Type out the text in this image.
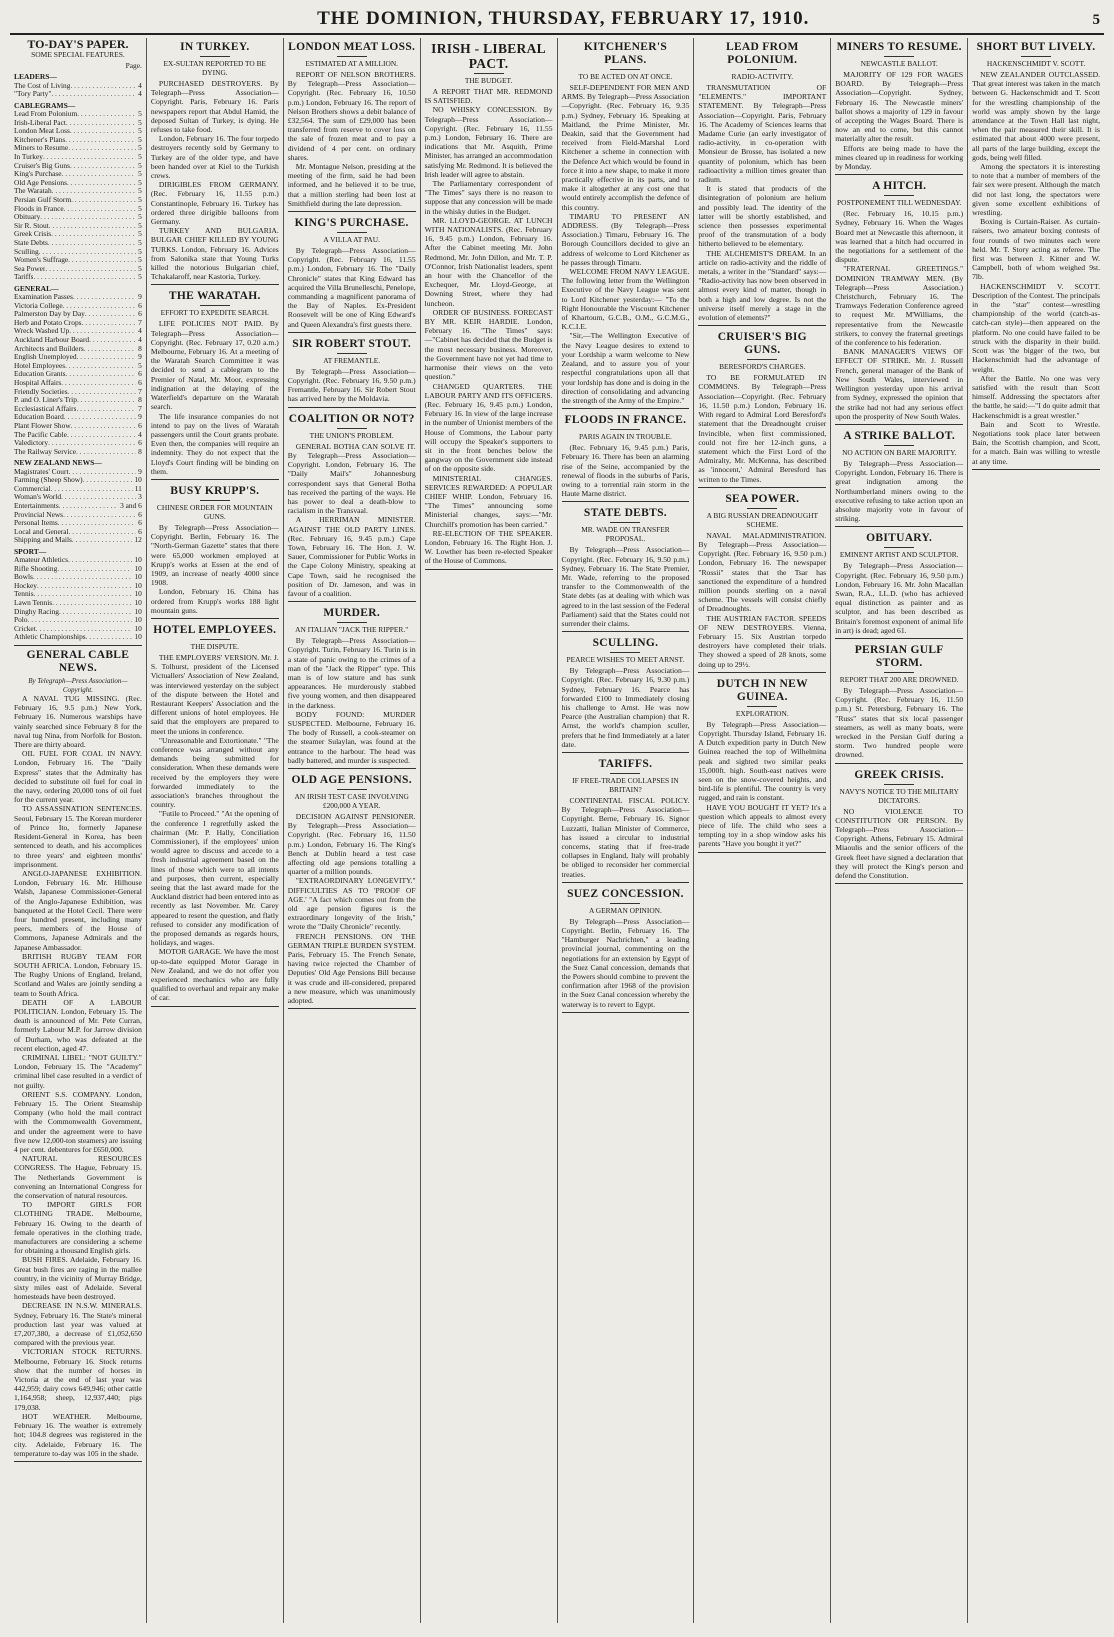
THE DOMINION, THURSDAY, FEBRUARY 17, 1910.	5
TO-DAY'S PAPER.
SOME SPECIAL FEATURES.
Page.
LEADERS—
The Cost of Living . . .	4
"Tory Party" . . .	4
CABLEGRAMS—
Lead From Polonium . . .	5
Irish-Liberal Pact . . .	5
London Meat Loss . . .	5
Kitchener's Plans . . .	5
Miners to Resume . . .	5
In Turkey . . .	5
Cruiser's Big Guns . . .	5
King's Purchase . . .	5
Old Age Pensions . . .	5
The Waratah . . .	5
Persian Gulf Storm . . .	5
Floods in France . . .	5
Obituary . . .	5
Sir R. Stout . . .	5
Greek Crisis . . .	5
State Debts . . .	5
Sculling . . .	5
Women's Suffrage . . .	5
Sea Power . . .	5
Tariffs . . .	5
GENERAL—
Examination Passes . . .	9
Victoria College . . .	6
Palmerston Day by Day . . .	6
Herb and Potato Crops . . .	7
Wreck Washed Up . . .	4
Auckland Harbour Board . . .	4
Architects and Builders . . .	8
English Unemployed . . .	9
Hotel Employees . . .	5
Education Grants . . .	6
Hospital Affairs . . .	6
Friendly Societies . . .	7
P. and O. Liner's Trip . . .	8
Ecclesiastical Affairs . . .	7
Education Board . . .	9
Plant Flower Show . . .	6
The Pacific Cable . . .	4
Valedictory . . .	6
The Railway Service . . .	8
NEW ZEALAND NEWS—
Magistrates' Court . . .	9
Farming (Sheep Show) . . .	10
Commercial . . .	11
Woman's World . . .	3
Entertainments . . .	3 and 6
Provincial News . . .	6
Personal Items . . .	6
Local and General . . .	6
Shipping and Mails . . .	12
SPORT—
Amateur Athletics . . .	10
Rifle Shooting . . .	10
Bowls . . .	10
Hockey . . .	10
Tennis . . .	10
Lawn Tennis . . .	10
Dinghy Racing . . .	10
Polo . . .	10
Cricket . . .	10
Athletic Championships . . .	10
GENERAL CABLE NEWS.
By Telegraph—Press Association—Copyright.

A NAVAL TUG MISSING. (Rec. February 16, 9.5 p.m.) New York, February 16. Numerous warships have vainly searched since February 8 for the naval tug Nina, from Norfolk for Boston. There are thirty aboard.

OIL FUEL FOR COAL IN NAVY. London, February 16. The "Daily Express" states that the Admiralty has decided to substitute oil fuel for coal in the navy, ordering 20,000 tons of oil fuel for the current year.

TO ASSASSINATION SENTENCES. Seoul, February 15. The Korean murderer of Prince Ito, formerly Japanese Resident-General in Korea, has been sentenced to death, and his accomplices to three years' and eighteen months' imprisonment.

ANGLO-JAPANESE EXHIBITION. London, February 16. Mr. Hilhouse Walsh, Japanese Commissioner-General of the Anglo-Japanese Exhibition, was banqueted at the Hotel Cecil. There were four hundred present, including many peers, members of the House of Commons, Japanese Admirals and the Japanese Ambassador.

BRITISH RUGBY TEAM FOR SOUTH AFRICA. London, February 15. The Rugby Unions of England, Ireland, Scotland and Wales are jointly sending a team to South Africa.

DEATH OF A LABOUR POLITICIAN. London, February 15. The death is announced of Mr. Pete Curran, formerly Labour M.P. for Jarrow division of Durham, who was defeated at the recent election, aged 47.

CRIMINAL LIBEL: "NOT GUILTY." London, February 15. The "Academy" criminal libel case resulted in a verdict of not guilty.

ORIENT S.S. COMPANY. London, February 15. The Orient Steamship Company (who hold the mail contract with the Commonwealth Government, and under the agreement were to have five new 12,000-ton steamers) are issuing 4 per cent. debentures for £650,000.

NATURAL RESOURCES CONGRESS. The Hague, February 15. The Netherlands Government is convening an International Congress for the conservation of natural resources.

TO IMPORT GIRLS FOR CLOTHING TRADE. Melbourne, February 16. Owing to the dearth of female operatives in the clothing trade, manufacturers are considering a scheme for obtaining a thousand English girls.

BUSH FIRES. Adelaide, February 16. Great bush fires are raging in the mallee country, in the vicinity of Murray Bridge, sixty miles east of Adelaide. Several homesteads have been destroyed.

DECREASE IN N.S.W. MINERALS. Sydney, February 16. The State's mineral production last year was valued at £7,207,380, a decrease of £1,052,650 compared with the previous year.

VICTORIAN STOCK RETURNS. Melbourne, February 16. Stock returns show that the number of horses in Victoria at the end of last year was 442,959; dairy cows 649,946; other cattle 1,164,958; sheep, 12,937,440; pigs 179,038.

HOT WEATHER. Melbourne, February 16. The weather is extremely hot; 104.8 degrees was registered in the city. Adelaide, February 16. The temperature to-day was 105 in the shade.

IN TURKEY.
EX-SULTAN REPORTED TO BE DYING.

PURCHASED DESTROYERS. By Telegraph—Press Association—Copyright. Paris, February 16. Paris newspapers report that Abdul Hamid, the deposed Sultan of Turkey, is dying. He refuses to take food.

London, February 16. The four torpedo destroyers recently sold by Germany to Turkey are of the older type, and have been handed over at Kiel to the Turkish crews.

DIRIGIBLES FROM GERMANY. (Rec. February 16, 11.55 p.m.) Constantinople, February 16. Turkey has ordered three dirigible balloons from Germany.

TURKEY AND BULGARIA. BULGAR CHIEF KILLED BY YOUNG TURKS. London, February 16. Advices from Salonika state that Young Turks killed the notorious Bulgarian chief, Tchakalaroff, near Kastoria, Turkey.

THE WARATAH.
EFFORT TO EXPEDITE SEARCH.

LIFE POLICIES NOT PAID. By Telegraph—Press Association—Copyright. (Rec. February 17, 0.20 a.m.) Melbourne, February 16. At a meeting of the Waratah Search Committee it was decided to send a cablegram to the Premier of Natal, Mr. Moor, expressing indignation at the delaying of the Waterfield's departure on the Waratah search.

The life insurance companies do not intend to pay on the lives of Waratah passengers until the Court grants probate. Even then, the companies will require an indemnity. They do not expect that the Lloyd's Court finding will be binding on them.

BUSY KRUPP'S.
CHINESE ORDER FOR MOUNTAIN GUNS.

By Telegraph—Press Association—Copyright. Berlin, February 16. The "North-German Gazette" states that there were 65,000 workmen employed at Krupp's works at Essen at the end of 1909, an increase of nearly 4000 since 1908.

London, February 16. China has ordered from Krupp's works 188 light mountain guns.

HOTEL EMPLOYEES.
THE DISPUTE.

THE EMPLOYERS' VERSION. Mr. J. S. Tolhurst, president of the Licensed Victuallers' Association of New Zealand, was interviewed yesterday on the subject of the dispute between the Hotel and Restaurant Keepers' Association and the different unions of hotel employees. He said that the employers are prepared to meet the unions in conference.

"Unreasonable and Extortionate." "The conference was arranged without any demands being submitted for consideration. When these demands were received by the employers they were forwarded immediately to the association's branches throughout the country.

"Futile to Proceed." "At the opening of the conference I regretfully asked the chairman (Mr. P. Hally, Conciliation Commissioner), if the employees' union would agree to discuss and accede to a fresh industrial agreement based on the lines of those which were to all intents and purposes, then current, especially seeing that the last award made for the Auckland district had been entered into as recently as last November. Mr. Carey appeared to resent the question, and flatly refused to consider any modification of the proposed demands as regards hours, holidays, and wages.

MOTOR GARAGE. We have the most up-to-date equipped Motor Garage in New Zealand, and we do not offer you experienced mechanics who are fully qualified to overhaul and repair any make of car.

LONDON MEAT LOSS.
ESTIMATED AT A MILLION.

REPORT OF NELSON BROTHERS. By Telegraph—Press Association—Copyright. (Rec. February 16, 10.50 p.m.) London, February 16. The report of Nelson Brothers shows a debit balance of £32,564. The sum of £29,000 has been transferred from reserve to cover loss on the sale of frozen meat and to pay a dividend of 4 per cent. on ordinary shares.

Mr. Montague Nelson, presiding at the meeting of the firm, said he had been informed, and he believed it to be true, that a million sterling had been lost at Smithfield during the late depression.

KING'S PURCHASE.
A VILLA AT PAU.

By Telegraph—Press Association—Copyright. (Rec. February 16, 11.55 p.m.) London, February 16. The "Daily Chronicle" states that King Edward has acquired the Villa Brunelleschi, Penelope, commanding a magnificent panorama of the Bay of Naples. Ex-President Roosevelt will be one of King Edward's and Queen Alexandra's first guests there.

SIR ROBERT STOUT.
AT FREMANTLE.

By Telegraph—Press Association—Copyright. (Rec. February 16, 9.50 p.m.) Fremantle, February 16. Sir Robert Stout has arrived here by the Moldavia.

COALITION OR NOT?
THE UNION'S PROBLEM.

GENERAL BOTHA CAN SOLVE IT. By Telegraph—Press Association—Copyright. London, February 16. The "Daily Mail's" Johannesburg correspondent says that General Botha has received the parting of the ways. He has power to deal a death-blow to racialism in the Transvaal.

A HERRIMAN MINISTER. AGAINST THE OLD PARTY LINES. (Rec. February 16, 9.45 p.m.) Cape Town, February 16. The Hon. J. W. Sauer, Commissioner for Public Works in the Cape Colony Ministry, speaking at Cape Town, said he recognised the position of Dr. Jameson, and was in favour of a coalition.

MURDER.
AN ITALIAN "JACK THE RIPPER."

By Telegraph—Press Association—Copyright. Turin, February 16. Turin is in a state of panic owing to the crimes of a man of the "Jack the Ripper" type. This man is of low stature and has sunk appearances. He murderously stabbed five young women, and then disappeared in the darkness.

BODY FOUND: MURDER SUSPECTED. Melbourne, February 16. The body of Russell, a cook-steamer on the steamer Sulaylan, was found at the entrance to the harbour. The head was badly battered, and murder is suspected.

OLD AGE PENSIONS.
AN IRISH TEST CASE INVOLVING £200,000 A YEAR.

DECISION AGAINST PENSIONER. By Telegraph—Press Association—Copyright. (Rec. February 16, 11.50 p.m.) London, February 16. The King's Bench at Dublin heard a test case affecting old age pensions totalling a quarter of a million pounds.

"EXTRAORDINARY LONGEVITY." DIFFICULTIES AS TO 'PROOF OF AGE.' "A fact which comes out from the old age pension figures is the extraordinary longevity of the Irish," wrote the "Daily Chronicle" recently.

FRENCH PENSIONS. ON THE GERMAN TRIPLE BURDEN SYSTEM. Paris, February 15. The French Senate, having twice rejected the Chamber of Deputies' Old Age Pensions Bill because it was crude and ill-considered, prepared a new measure, which was unanimously adopted.

IRISH - LIBERAL PACT.
THE BUDGET.

A REPORT THAT MR. REDMOND IS SATISFIED.

NO WHISKY CONCESSION. By Telegraph—Press Association—Copyright. (Rec. February 16, 11.55 p.m.) London, February 16. There are indications that Mr. Asquith, Prime Minister, has arranged an accommodation satisfying Mr. Redmond. It is believed the Irish leader will agree to abstain.

The Parliamentary correspondent of "The Times" says there is no reason to suppose that any concession will be made in the whisky duties in the Budget.

MR. LLOYD-GEORGE. AT LUNCH WITH NATIONALISTS. (Rec. February 16, 9.45 p.m.) London, February 16. After the Cabinet meeting Mr. John Redmond, Mr. John Dillon, and Mr. T. P. O'Connor, Irish Nationalist leaders, spent an hour with the Chancellor of the Exchequer, Mr. Lloyd-George, at Downing Street, where they had luncheon.

ORDER OF BUSINESS. FORECAST BY MR. KEIR HARDIE. London, February 16. "The Times" says:—"Cabinet has decided that the Budget is the most necessary business. Moreover, the Government have not yet had time to harmonise their views on the veto question."

CHANGED QUARTERS. THE LABOUR PARTY AND ITS OFFICERS. (Rec. February 16, 9.45 p.m.) London, February 16. In view of the large increase in the number of Unionist members of the House of Commons, the Labour party will occupy the Speaker's supporters to sit in the front benches below the gangway on the Government side instead of on the opposite side.

MINISTERIAL CHANGES. SERVICES REWARDED: A POPULAR CHIEF WHIP. London, February 16. "The Times" announcing some Ministerial changes, says:—"Mr. Churchill's promotion has been carried."

RE-ELECTION OF THE SPEAKER. London, February 16. The Right Hon. J. W. Lowther has been re-elected Speaker of the House of Commons.

KITCHENER'S PLANS.
TO BE ACTED ON AT ONCE.

SELF-DEPENDENT FOR MEN AND ARMS. By Telegraph—Press Association—Copyright. (Rec. February 16, 9.35 p.m.) Sydney, February 16. Speaking at Maitland, the Prime Minister, Mr. Deakin, said that the Government had received from Field-Marshal Lord Kitchener a scheme in connection with the Defence Act which would be found in force it into a new shape, to make it more practically effective in its parts, and to make it altogether at any cost one that would entirely accomplish the defence of this country.

TIMARU TO PRESENT AN ADDRESS. (By Telegraph—Press Association.) Timaru, February 16. The Borough Councillors decided to give an address of welcome to Lord Kitchener as he passes through Timaru.

WELCOME FROM NAVY LEAGUE. The following letter from the Wellington Executive of the Navy League was sent to Lord Kitchener yesterday:— "To the Right Honourable the Viscount Kitchener of Khartoum, G.C.B., O.M., G.C.M.G., K.C.I.E.

"Sir,—The Wellington Executive of the Navy League desires to extend to your Lordship a warm welcome to New Zealand, and to assure you of your respectful congratulations upon all that your lordship has done and is doing in the direction of consolidating and advancing the strength of the Army of the Empire."

FLOODS IN FRANCE.
PARIS AGAIN IN TROUBLE.

(Rec. February 16, 9.45 p.m.) Paris, February 16. There has been an alarming rise of the Seine, accompanied by the renewal of floods in the suburbs of Paris, owing to a torrential rain storm in the Haute Marne district.

STATE DEBTS.
MR. WADE ON TRANSFER PROPOSAL.

By Telegraph—Press Association—Copyright. (Rec. February 16, 9.50 p.m.) Sydney, February 16. The State Premier, Mr. Wade, referring to the proposed transfer to the Commonwealth of the State debts (as at dealing with which was agreed to in the last session of the Federal Parliament) said that the States could not surrender their claims.

SCULLING.
PEARCE WISHES TO MEET ARNST.

By Telegraph—Press Association—Copyright. (Rec. February 16, 9.30 p.m.) Sydney, February 16. Pearce has forwarded £100 to Immediately closing his challenge to Arnst. He was now Pearce (the Australian champion) that R. Arnst, the world's champion sculler, prefers that he find Immediately at a later date.

TARIFFS.
IF FREE-TRADE COLLAPSES IN BRITAIN?

CONTINENTAL FISCAL POLICY. By Telegraph—Press Association—Copyright. Berne, February 16. Signor Luzzatti, Italian Minister of Commerce, has issued a circular to industrial concerns, stating that if free-trade collapses in England, Italy will probably be obliged to reconsider her commercial treaties.

SUEZ CONCESSION.
A GERMAN OPINION.

By Telegraph—Press Association—Copyright. Berlin, February 16. The "Hamburger Nachrichten," a leading provincial journal, commenting on the negotiations for an extension by Egypt of the Suez Canal concession, demands that the Powers should combine to prevent the confirmation after 1968 of the provision in the Suez Canal concession whereby the waterway is to revert to Egypt.

LEAD FROM POLONIUM.
RADIO-ACTIVITY.

TRANSMUTATION OF "ELEMENTS." IMPORTANT STATEMENT. By Telegraph—Press Association—Copyright. Paris, February 16. The Academy of Sciences learns that Madame Curie (an early investigator of radio-activity, in co-operation with Monsieur de Brosse, has isolated a new quantity of polonium, which has been radioactivity a million times greater than radium.

It is stated that products of the disintegration of polonium are helium and possibly lead. The identity of the latter will be shortly established, and science then possesses experimental proof of the transmutation of a body hitherto believed to be elementary.

THE ALCHEMIST'S DREAM. In an article on radio-activity and the riddle of metals, a writer in the "Standard" says:— "Radio-activity has now been observed in almost every kind of matter, though in both a high and low degree. Is not the universe itself merely a stage in the evolution of elements?"

CRUISER'S BIG GUNS.
BERESFORD'S CHARGES.

TO BE FORMULATED IN COMMONS. By Telegraph—Press Association—Copyright. (Rec. February 16, 11.50 p.m.) London, February 16. With regard to Admiral Lord Beresford's statement that the Dreadnought cruiser Invincible, when first commissioned, could not fire her 12-inch guns, a statement which the First Lord of the Admiralty, Mr. McKenna, has described as 'innocent,' Admiral Beresford has written to the Times.

SEA POWER.
A BIG RUSSIAN DREADNOUGHT SCHEME.

NAVAL MALADMINISTRATION. By Telegraph—Press Association—Copyright. (Rec. February 16, 9.50 p.m.) London, February 16. The newspaper "Rossii" states that the Tsar has sanctioned the expenditure of a hundred million pounds sterling on a naval scheme. The vessels will consist chiefly of Dreadnoughts.

THE AUSTRIAN FACTOR. SPEEDS OF NEW DESTROYERS. Vienna, February 15. Six Austrian torpedo destroyers have completed their trials. They showed a speed of 28 knots, some doing up to 29½.

DUTCH IN NEW GUINEA.
EXPLORATION.

By Telegraph—Press Association—Copyright. Thursday Island, February 16. A Dutch expedition party in Dutch New Guinea reached the top of Wilhelmina peak and sighted two similar peaks 15,000ft. high. South-east natives were seen on the snow-covered heights, and bird-life is plentiful. The country is very rugged, and rain is constant.

HAVE YOU BOUGHT IT YET? It's a question which appeals to almost every piece of life. The child who sees a tempting toy in a shop window asks his parents "Have you bought it yet?"

MINERS TO RESUME.
NEWCASTLE BALLOT.

MAJORITY OF 129 FOR WAGES BOARD. By Telegraph—Press Association—Copyright. Sydney, February 16. The Newcastle miners' ballot shows a majority of 129 in favour of accepting the Wages Board. There is now an end to come, but this cannot materially alter the result.

Efforts are being made to have the mines cleared up in readiness for working by Monday.

A HITCH.
POSTPONEMENT TILL WEDNESDAY.

(Rec. February 16, 10.15 p.m.) Sydney, February 16. When the Wages Board met at Newcastle this afternoon, it was learned that a hitch had occurred in the negotiations for a settlement of the dispute.

"FRATERNAL GREETINGS." DOMINION TRAMWAY MEN. (By Telegraph—Press Association.) Christchurch, February 16. The Tramways Federation Conference agreed to request Mr. M'Williams, the representative from the Newcastle strikers, to convey the fraternal greetings of the conference to his federation.

BANK MANAGER'S VIEWS OF EFFECT OF STRIKE. Mr. J. Russell French, general manager of the Bank of New South Wales, interviewed in Wellington yesterday upon his arrival from Sydney, expressed the opinion that the strike had not had any serious effect upon the prosperity of New South Wales.

A STRIKE BALLOT.
NO ACTION ON BARE MAJORITY.

By Telegraph—Press Association—Copyright. London, February 16. There is great indignation among the Northumberland miners owing to the executive refusing to take action upon an absolute majority vote in favour of striking.

OBITUARY.
EMINENT ARTIST AND SCULPTOR.

By Telegraph—Press Association—Copyright. (Rec. February 16, 9.50 p.m.) London, February 16. Mr. John Macallan Swan, R.A., LL.D. (who has achieved equal distinction as painter and as sculptor, and has been described as Britain's foremost exponent of animal life in art) is dead; aged 61.

PERSIAN GULF STORM.
REPORT THAT 200 ARE DROWNED.

By Telegraph—Press Association—Copyright. (Rec. February 16, 11.50 p.m.) St. Petersburg, February 16. The "Russ" states that six local passenger steamers, as well as many boats, were wrecked in the Persian Gulf during a storm. Two hundred people were drowned.

GREEK CRISIS.
NAVY'S NOTICE TO THE MILITARY DICTATORS.

NO VIOLENCE TO CONSTITUTION OR PERSON. By Telegraph—Press Association—Copyright. Athens, February 15. Admiral Miaoulis and the senior officers of the Greek fleet have signed a declaration that they will protect the King's person and defend the Constitution.

SHORT BUT LIVELY.
HACKENSCHMIDT V. SCOTT.

NEW ZEALANDER OUTCLASSED. That great interest was taken in the match between G. Hackenschmidt and T. Scott for the wrestling championship of the world was amply shown by the large attendance at the Town Hall last night, when the pair measured their skill. It is estimated that about 4000 were present, all parts of the large building, except the gods, being well filled.

Among the spectators it is interesting to note that a number of members of the fair sex were present. Although the match did not last long, the spectators were given some excellent exhibitions of wrestling.

Boxing is Curtain-Raiser. As curtain-raisers, two amateur boxing contests of four rounds of two minutes each were held. Mr. T. Story acting as referee. The first was between J. Kitner and W. Campbell, both of whom weighed 9st. 7lb.

HACKENSCHMIDT V. SCOTT. Description of the Contest. The principals in the "star" contest—wrestling championship of the world (catch-as-catch-can style)—then appeared on the platform. No one could have failed to be struck with the disparity in their build. Scott was 'the bigger of the two, but Hackenschmidt had the advantage of weight.

After the Battle. No one was very satisfied with the result than Scott himself. Addressing the spectators after the battle, he said:—"I do quite admit that Hackenschmidt is a great wrestler."

Bain and Scott to Wrestle. Negotiations took place later between Bain, the Scottish champion, and Scott, for a match. Bain was willing to wrestle at any time.
